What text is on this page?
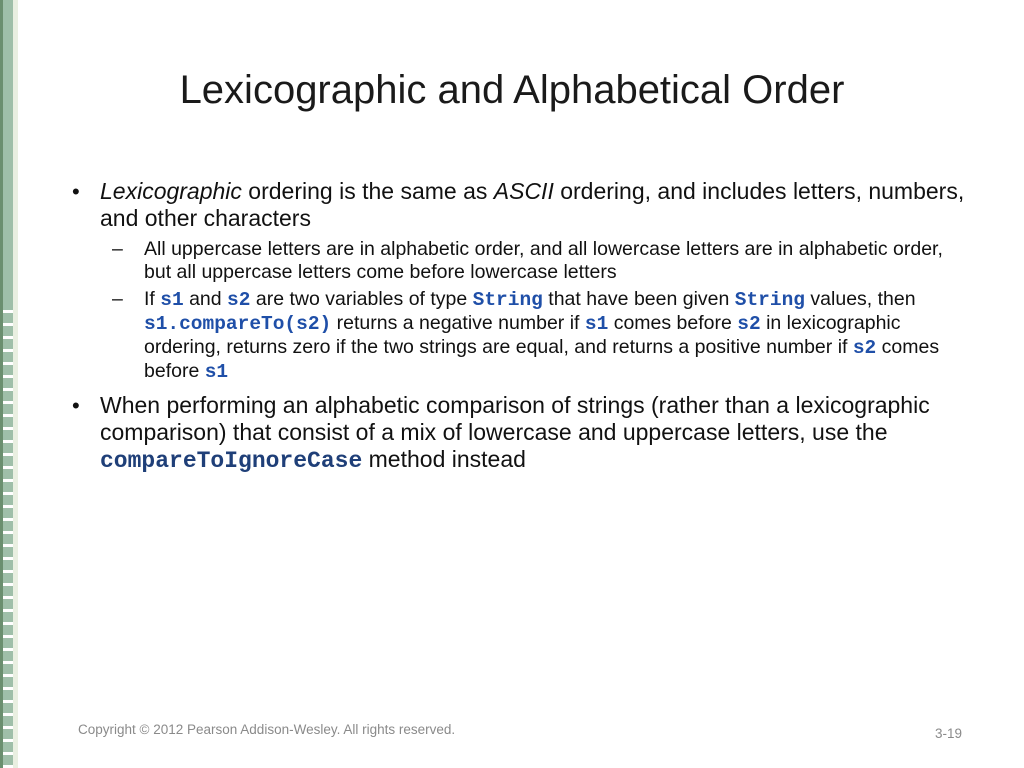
Lexicographic and Alphabetical Order
• Lexicographic ordering is the same as ASCII ordering, and includes letters, numbers, and other characters
– All uppercase letters are in alphabetic order, and all lowercase letters are in alphabetic order, but all uppercase letters come before lowercase letters
– If s1 and s2 are two variables of type String that have been given String values, then s1.compareTo(s2) returns a negative number if s1 comes before s2 in lexicographic ordering, returns zero if the two strings are equal, and returns a positive number if s2 comes before s1
• When performing an alphabetic comparison of strings (rather than a lexicographic comparison) that consist of a mix of lowercase and uppercase letters, use the compareToIgnoreCase method instead
Copyright © 2012 Pearson Addison-Wesley. All rights reserved.	3-19
